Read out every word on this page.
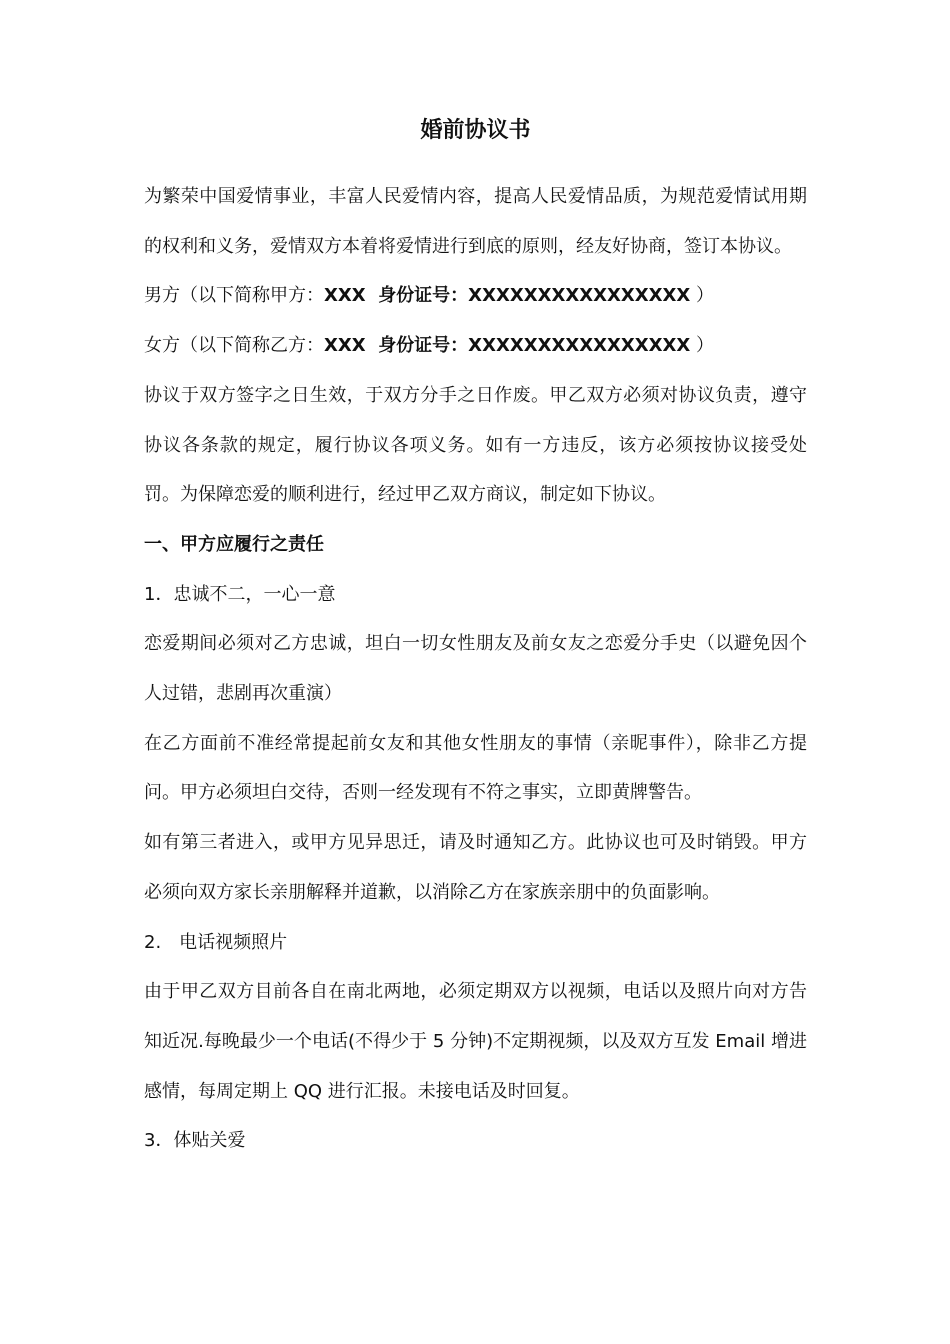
婚前协议书

为繁荣中国爱情事业，丰富人民爱情内容，提高人民爱情品质，为规范爱情试用期的权利和义务，爱情双方本着将爱情进行到底的原则，经友好协商，签订本协议。

男方（以下简称甲方：XXX 身份证号：XXXXXXXXXXXXXXXX ）

女方（以下简称乙方：XXX 身份证号：XXXXXXXXXXXXXXXX ）

协议于双方签字之日生效，于双方分手之日作废。甲乙双方必须对协议负责，遵守协议各条款的规定，履行协议各项义务。如有一方违反，该方必须按协议接受处罚。为保障恋爱的顺利进行，经过甲乙双方商议，制定如下协议。

一、甲方应履行之责任

1．忠诚不二，一心一意

恋爱期间必须对乙方忠诚，坦白一切女性朋友及前女友之恋爱分手史（以避免因个人过错，悲剧再次重演）

在乙方面前不准经常提起前女友和其他女性朋友的事情（亲昵事件），除非乙方提问。甲方必须坦白交待，否则一经发现有不符之事实，立即黄牌警告。

如有第三者进入，或甲方见异思迁，请及时通知乙方。此协议也可及时销毁。甲方必须向双方家长亲朋解释并道歉，以消除乙方在家族亲朋中的负面影响。

2.　电话视频照片

由于甲乙双方目前各自在南北两地，必须定期双方以视频，电话以及照片向对方告知近况.每晚最少一个电话(不得少于 5 分钟)不定期视频，以及双方互发 Email 增进感情，每周定期上 QQ 进行汇报。未接电话及时回复。

3．体贴关爱
